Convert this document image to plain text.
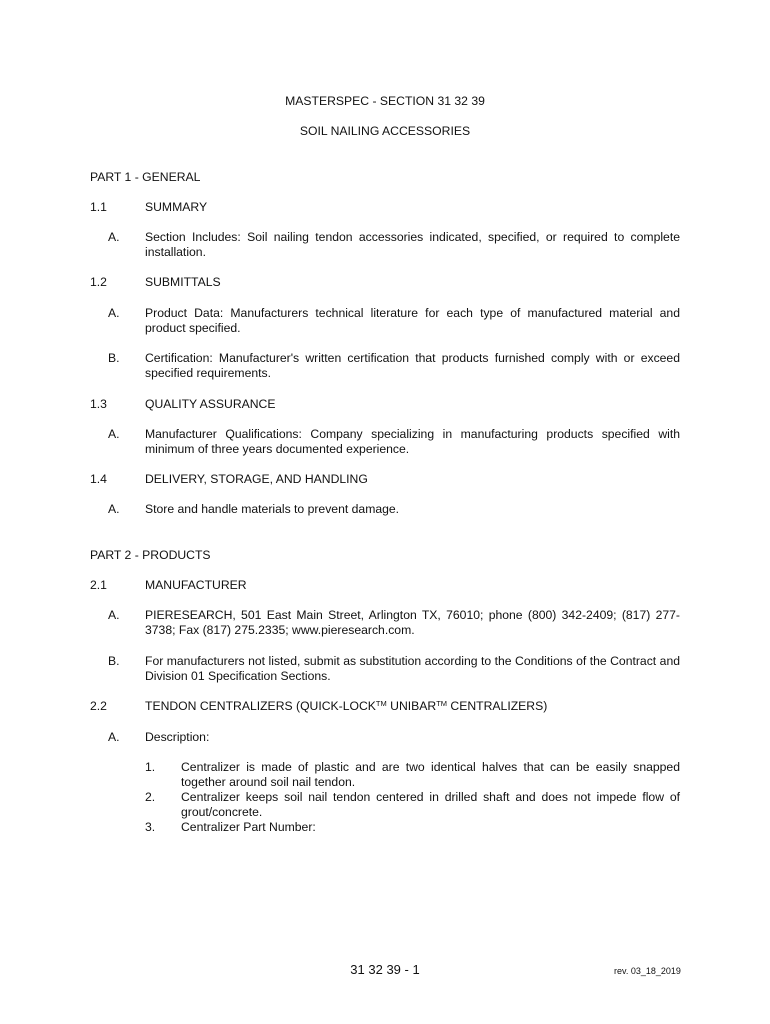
MASTERSPEC - SECTION 31 32 39
SOIL NAILING ACCESSORIES
PART 1 - GENERAL
1.1	SUMMARY
A. Section Includes: Soil nailing tendon accessories indicated, specified, or required to complete installation.
1.2	SUBMITTALS
A. Product Data: Manufacturers technical literature for each type of manufactured material and product specified.
B. Certification: Manufacturer's written certification that products furnished comply with or exceed specified requirements.
1.3	QUALITY ASSURANCE
A. Manufacturer Qualifications: Company specializing in manufacturing products specified with minimum of three years documented experience.
1.4	DELIVERY, STORAGE, AND HANDLING
A. Store and handle materials to prevent damage.
PART 2 - PRODUCTS
2.1	MANUFACTURER
A. PIERESEARCH, 501 East Main Street, Arlington TX, 76010; phone (800) 342-2409; (817) 277-3738; Fax (817) 275.2335; www.pieresearch.com.
B. For manufacturers not listed, submit as substitution according to the Conditions of the Contract and Division 01 Specification Sections.
2.2	TENDON CENTRALIZERS (QUICK-LOCK™ UNIBAR™ CENTRALIZERS)
A. Description:
1. Centralizer is made of plastic and are two identical halves that can be easily snapped together around soil nail tendon.
2. Centralizer keeps soil nail tendon centered in drilled shaft and does not impede flow of grout/concrete.
3. Centralizer Part Number:
31 32 39 - 1	rev. 03_18_2019
